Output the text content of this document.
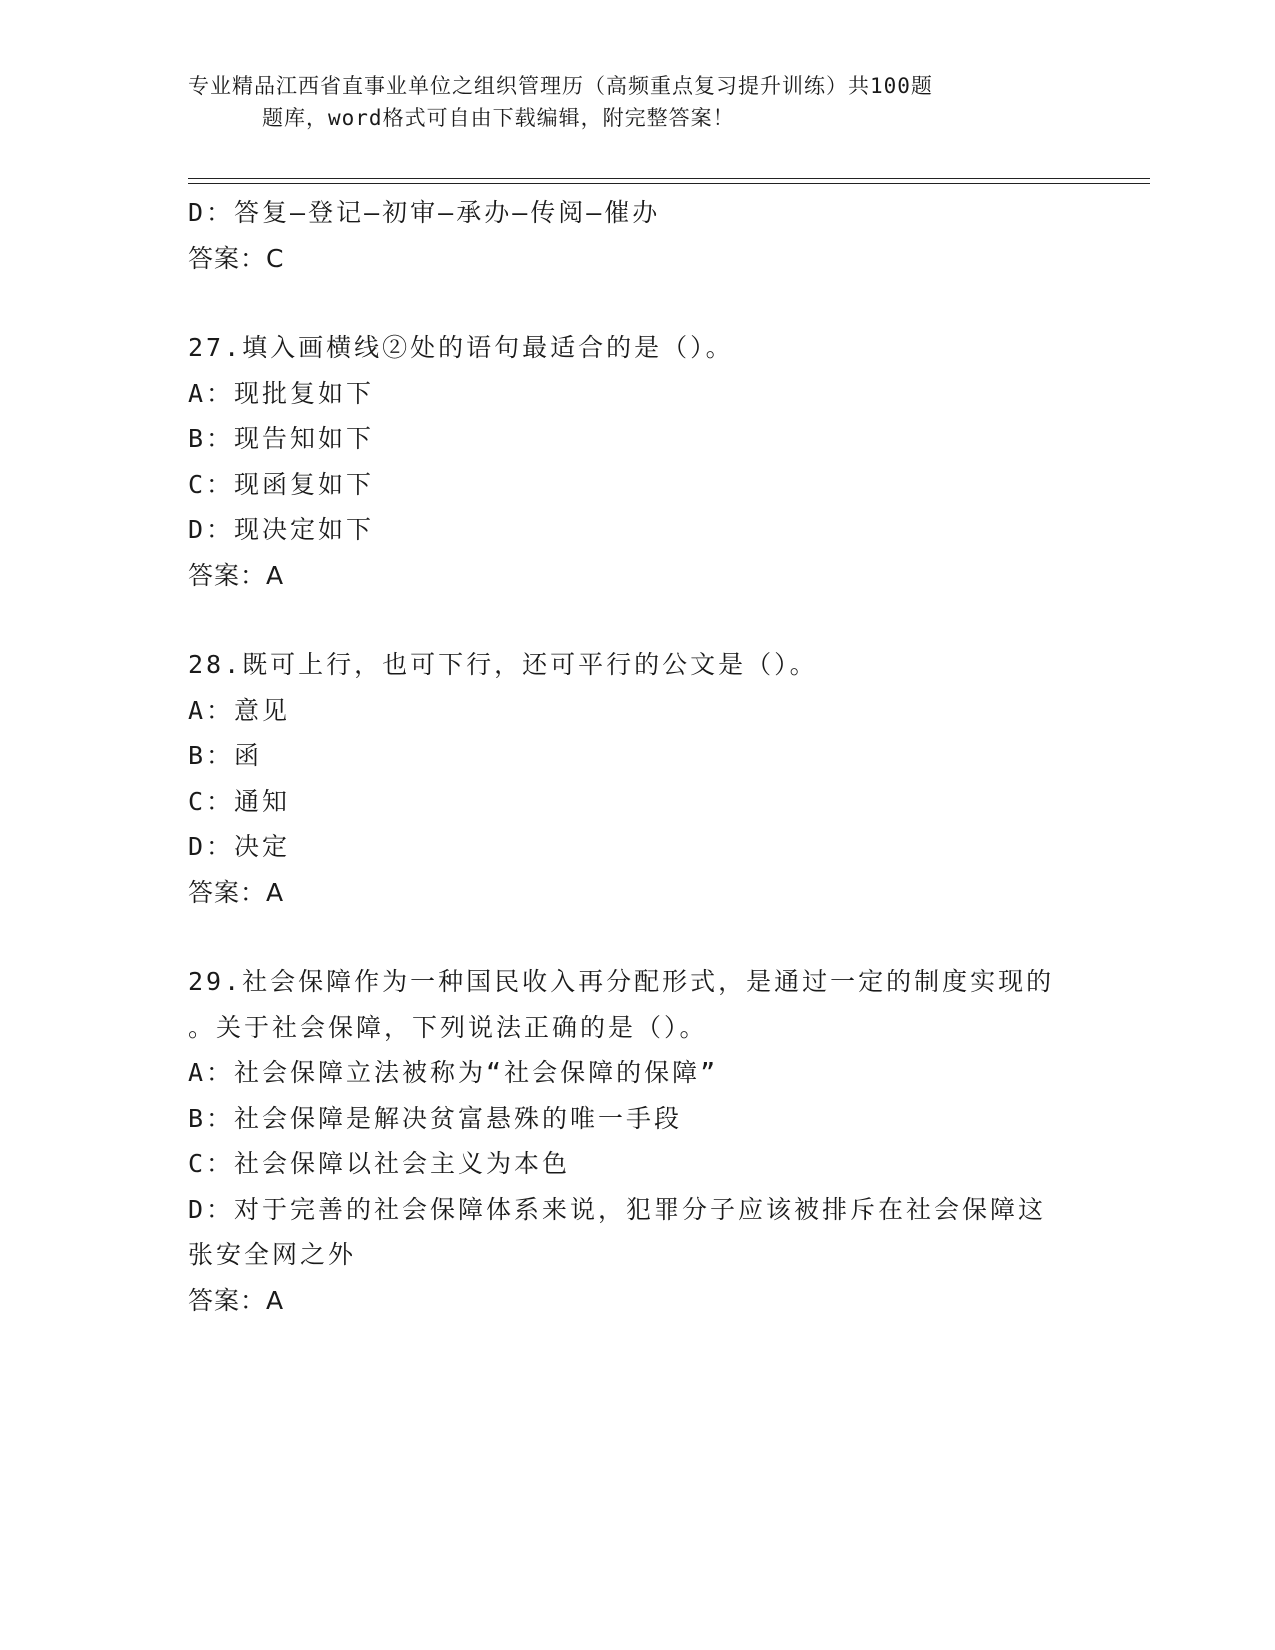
专业精品江西省直事业单位之组织管理历（高频重点复习提升训练）共100题
题库，word格式可自由下载编辑，附完整答案！
D：答复—登记—初审—承办—传阅—催办
答案：C
27.填入画横线②处的语句最适合的是（）。
A：现批复如下
B：现告知如下
C：现函复如下
D：现决定如下
答案：A
28.既可上行，也可下行，还可平行的公文是（）。
A：意见
B：函
C：通知
D：决定
答案：A
29.社会保障作为一种国民收入再分配形式，是通过一定的制度实现的
。关于社会保障，下列说法正确的是（）。
A：社会保障立法被称为“社会保障的保障”
B：社会保障是解决贫富悬殊的唯一手段
C：社会保障以社会主义为本色
D：对于完善的社会保障体系来说，犯罪分子应该被排斥在社会保障这
张安全网之外
答案：A
